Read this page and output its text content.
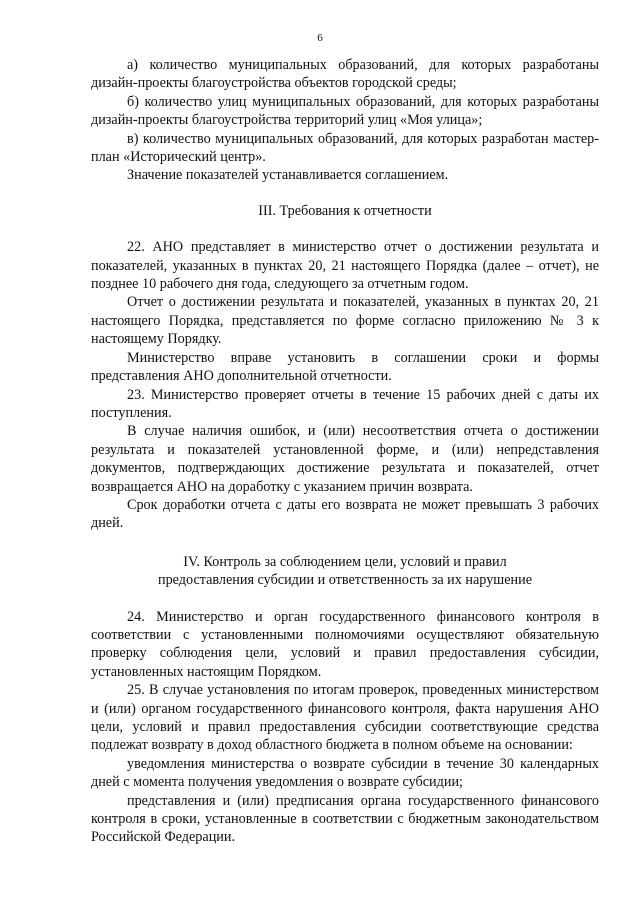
6

а) количество муниципальных образований, для которых разработаны дизайн-проекты благоустройства объектов городской среды;

б) количество улиц муниципальных образований, для которых разработаны дизайн-проекты благоустройства территорий улиц «Моя улица»;

в) количество муниципальных образований, для которых разработан мастер-план «Исторический центр».

Значение показателей устанавливается соглашением.

III. Требования к отчетности

22. АНО представляет в министерство отчет о достижении результата и показателей, указанных в пунктах 20, 21 настоящего Порядка (далее – отчет), не позднее 10 рабочего дня года, следующего за отчетным годом.

Отчет о достижении результата и показателей, указанных в пунктах 20, 21 настоящего Порядка, представляется по форме согласно приложению № 3 к настоящему Порядку.

Министерство вправе установить в соглашении сроки и формы представления АНО дополнительной отчетности.

23. Министерство проверяет отчеты в течение 15 рабочих дней с даты их поступления.

В случае наличия ошибок, и (или) несоответствия отчета о достижении результата и показателей установленной форме, и (или) непредставления документов, подтверждающих достижение результата и показателей, отчет возвращается АНО на доработку с указанием причин возврата.

Срок доработки отчета с даты его возврата не может превышать 3 рабочих дней.

IV. Контроль за соблюдением цели, условий и правил
предоставления субсидии и ответственность за их нарушение

24. Министерство и орган государственного финансового контроля в соответствии с установленными полномочиями осуществляют обязательную проверку соблюдения цели, условий и правил предоставления субсидии, установленных настоящим Порядком.

25. В случае установления по итогам проверок, проведенных министерством и (или) органом государственного финансового контроля, факта нарушения АНО цели, условий и правил предоставления субсидии соответствующие средства подлежат возврату в доход областного бюджета в полном объеме на основании:

уведомления министерства о возврате субсидии в течение 30 календарных дней с момента получения уведомления о возврате субсидии;

представления и (или) предписания органа государственного финансового контроля в сроки, установленные в соответствии с бюджетным законодательством Российской Федерации.
